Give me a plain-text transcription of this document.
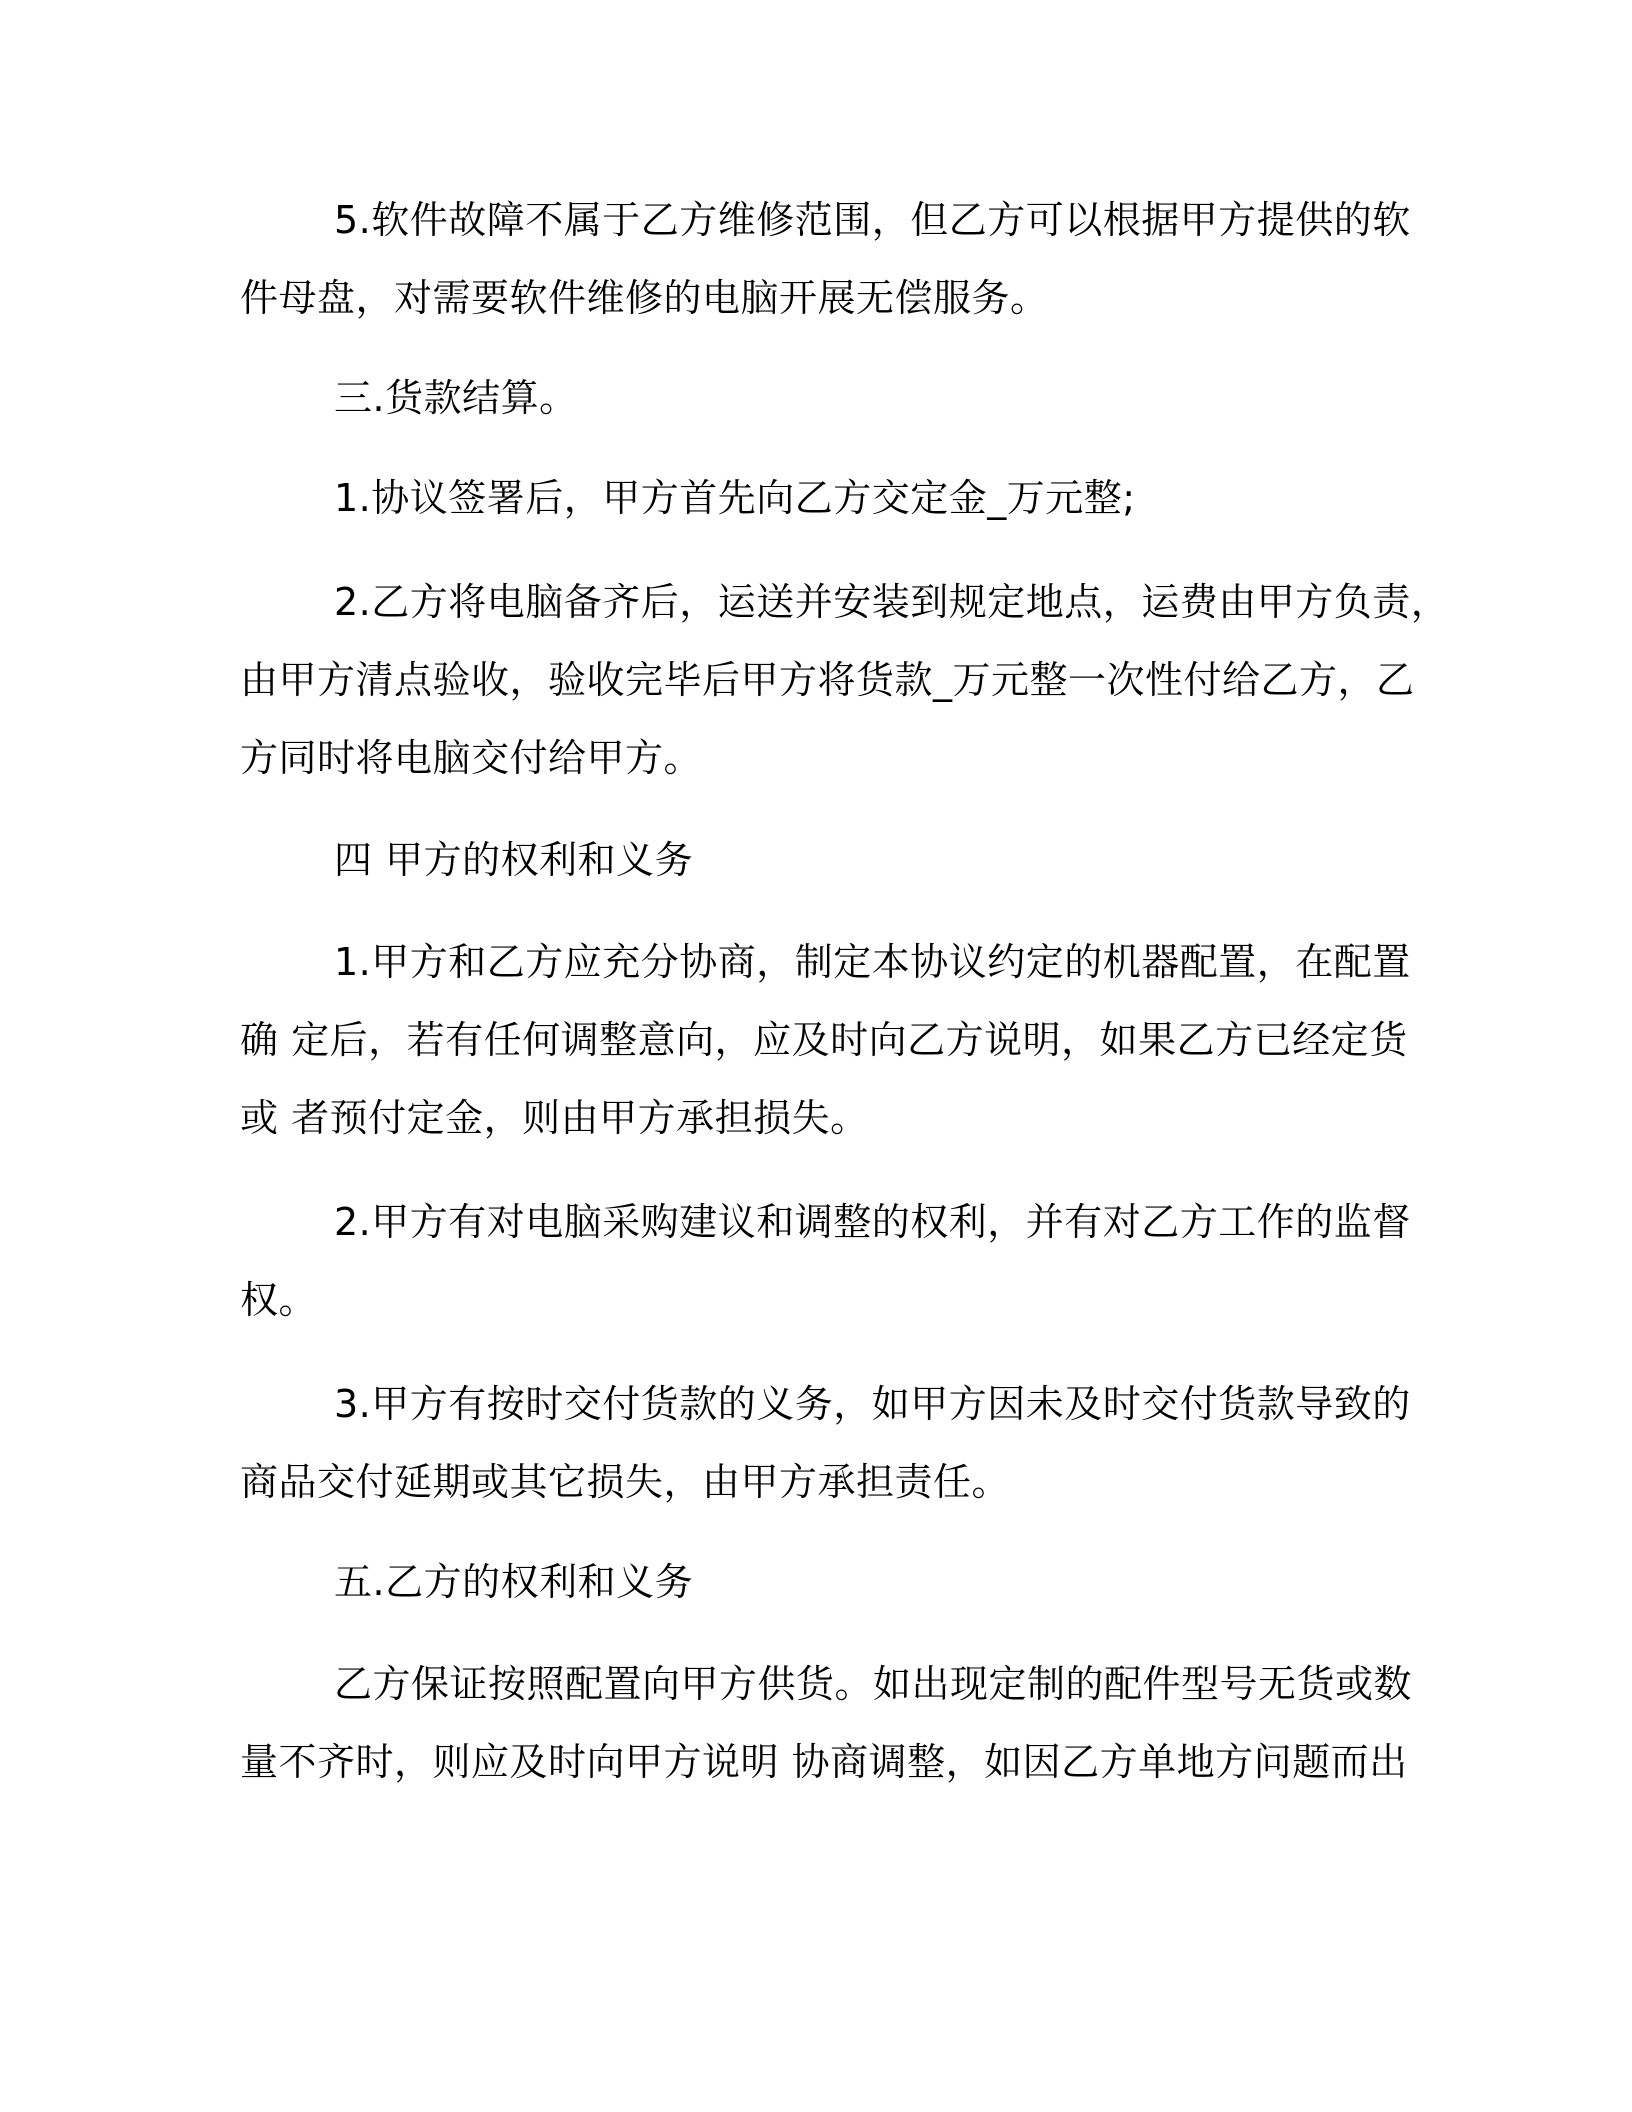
5.软件故障不属于乙方维修范围，但乙方可以根据甲方提供的软
件母盘，对需要软件维修的电脑开展无偿服务。
三.货款结算。
1.协议签署后，甲方首先向乙方交定金_万元整;
2.乙方将电脑备齐后，运送并安装到规定地点，运费由甲方负责，
由甲方清点验收，验收完毕后甲方将货款_万元整一次性付给乙方，乙
方同时将电脑交付给甲方。
四 甲方的权利和义务
1.甲方和乙方应充分协商，制定本协议约定的机器配置，在配置
确 定后，若有任何调整意向，应及时向乙方说明，如果乙方已经定货
或 者预付定金，则由甲方承担损失。
2.甲方有对电脑采购建议和调整的权利，并有对乙方工作的监督
权。
3.甲方有按时交付货款的义务，如甲方因未及时交付货款导致的
商品交付延期或其它损失，由甲方承担责任。
五.乙方的权利和义务
乙方保证按照配置向甲方供货。如出现定制的配件型号无货或数
量不齐时，则应及时向甲方说明 协商调整，如因乙方单地方问题而出
